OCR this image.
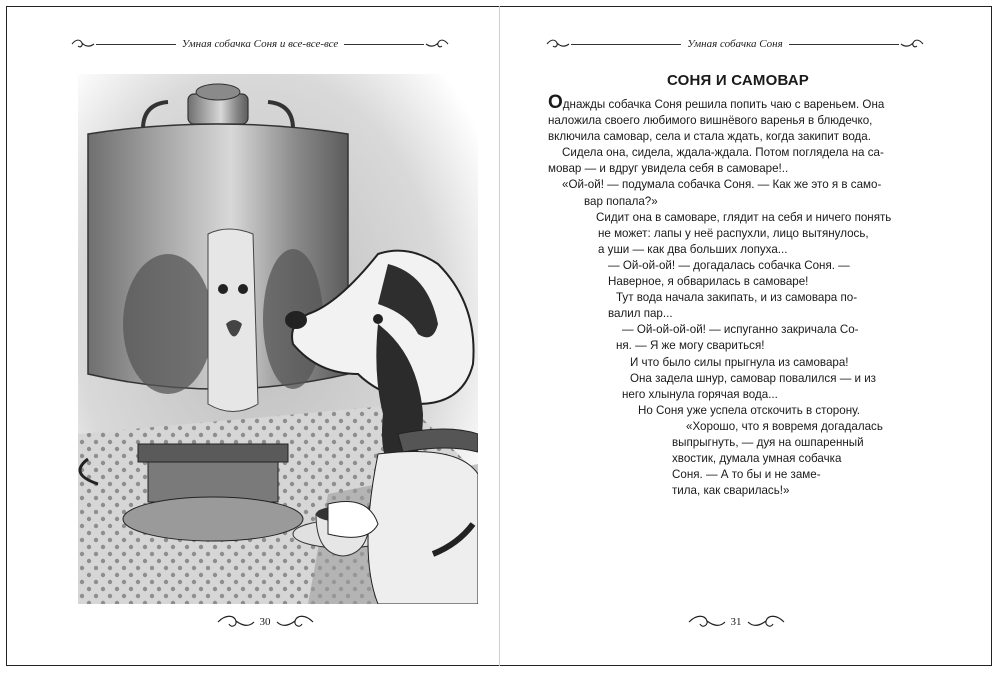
Умная собачка Соня и все-все-все	Умная собачка Соня
СОНЯ И САМОВАР
Однажды собачка Соня решила попить чаю с вареньем. Она
наложила своего любимого вишнёвого варенья в блюдечко,
включила самовар, села и стала ждать, когда закипит вода.
Сидела она, сидела, ждала-ждала. Потом поглядела на са-
мовар — и вдруг увидела себя в самоваре!..
«Ой-ой! — подумала собачка Соня. — Как же это я в само-
вар попала?»
Сидит она в самоваре, глядит на себя и ничего понять
не может: лапы у неё распухли, лицо вытянулось,
а уши — как два больших лопуха...
— Ой-ой-ой! — догадалась собачка Соня. —
Наверное, я обварилась в самоваре!
Тут вода начала закипать, и из самовара по-
валил пар...
— Ой-ой-ой-ой! — испуганно закричала Со-
ня. — Я же могу свариться!
И что было силы прыгнула из самовара!
Она задела шнур, самовар повалился — и из
него хлынула горячая вода...
Но Соня уже успела отскочить в сторону.
«Хорошо, что я вовремя догадалась
выпрыгнуть, — дуя на ошпаренный
хвостик, думала умная собачка
Соня. — А то бы и не заме-
тила, как сварилась!»
30	31
